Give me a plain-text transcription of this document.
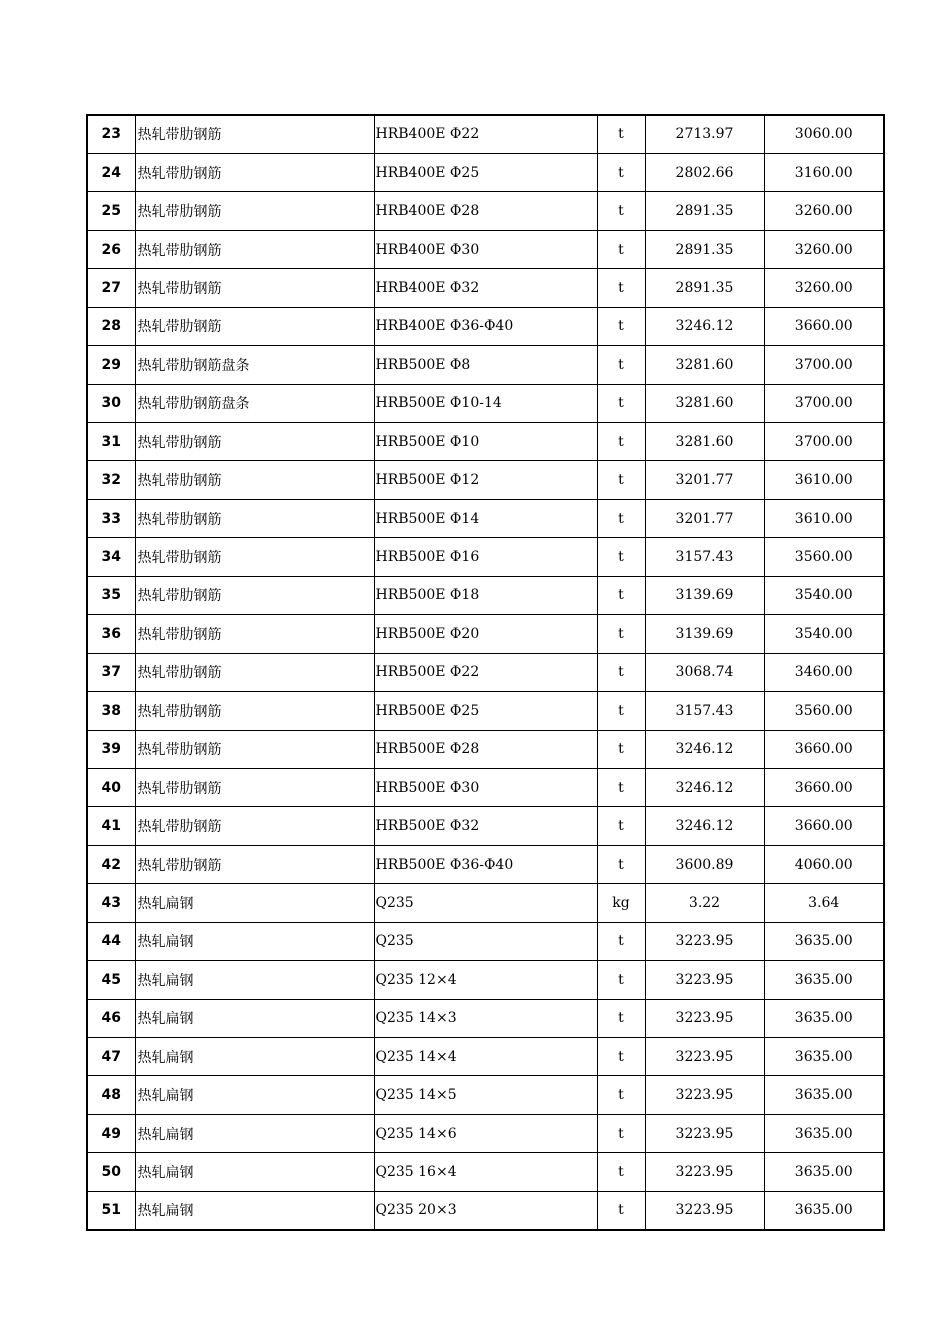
23	热轧带肋钢筋	HRB400E Φ22	t	2713.97	3060.00
24	热轧带肋钢筋	HRB400E Φ25	t	2802.66	3160.00
25	热轧带肋钢筋	HRB400E Φ28	t	2891.35	3260.00
26	热轧带肋钢筋	HRB400E Φ30	t	2891.35	3260.00
27	热轧带肋钢筋	HRB400E Φ32	t	2891.35	3260.00
28	热轧带肋钢筋	HRB400E Φ36-Φ40	t	3246.12	3660.00
29	热轧带肋钢筋盘条	HRB500E Φ8	t	3281.60	3700.00
30	热轧带肋钢筋盘条	HRB500E Φ10-14	t	3281.60	3700.00
31	热轧带肋钢筋	HRB500E Φ10	t	3281.60	3700.00
32	热轧带肋钢筋	HRB500E Φ12	t	3201.77	3610.00
33	热轧带肋钢筋	HRB500E Φ14	t	3201.77	3610.00
34	热轧带肋钢筋	HRB500E Φ16	t	3157.43	3560.00
35	热轧带肋钢筋	HRB500E Φ18	t	3139.69	3540.00
36	热轧带肋钢筋	HRB500E Φ20	t	3139.69	3540.00
37	热轧带肋钢筋	HRB500E Φ22	t	3068.74	3460.00
38	热轧带肋钢筋	HRB500E Φ25	t	3157.43	3560.00
39	热轧带肋钢筋	HRB500E Φ28	t	3246.12	3660.00
40	热轧带肋钢筋	HRB500E Φ30	t	3246.12	3660.00
41	热轧带肋钢筋	HRB500E Φ32	t	3246.12	3660.00
42	热轧带肋钢筋	HRB500E Φ36-Φ40	t	3600.89	4060.00
43	热轧扁钢	Q235	kg	3.22	3.64
44	热轧扁钢	Q235	t	3223.95	3635.00
45	热轧扁钢	Q235 12×4	t	3223.95	3635.00
46	热轧扁钢	Q235 14×3	t	3223.95	3635.00
47	热轧扁钢	Q235 14×4	t	3223.95	3635.00
48	热轧扁钢	Q235 14×5	t	3223.95	3635.00
49	热轧扁钢	Q235 14×6	t	3223.95	3635.00
50	热轧扁钢	Q235 16×4	t	3223.95	3635.00
51	热轧扁钢	Q235 20×3	t	3223.95	3635.00
